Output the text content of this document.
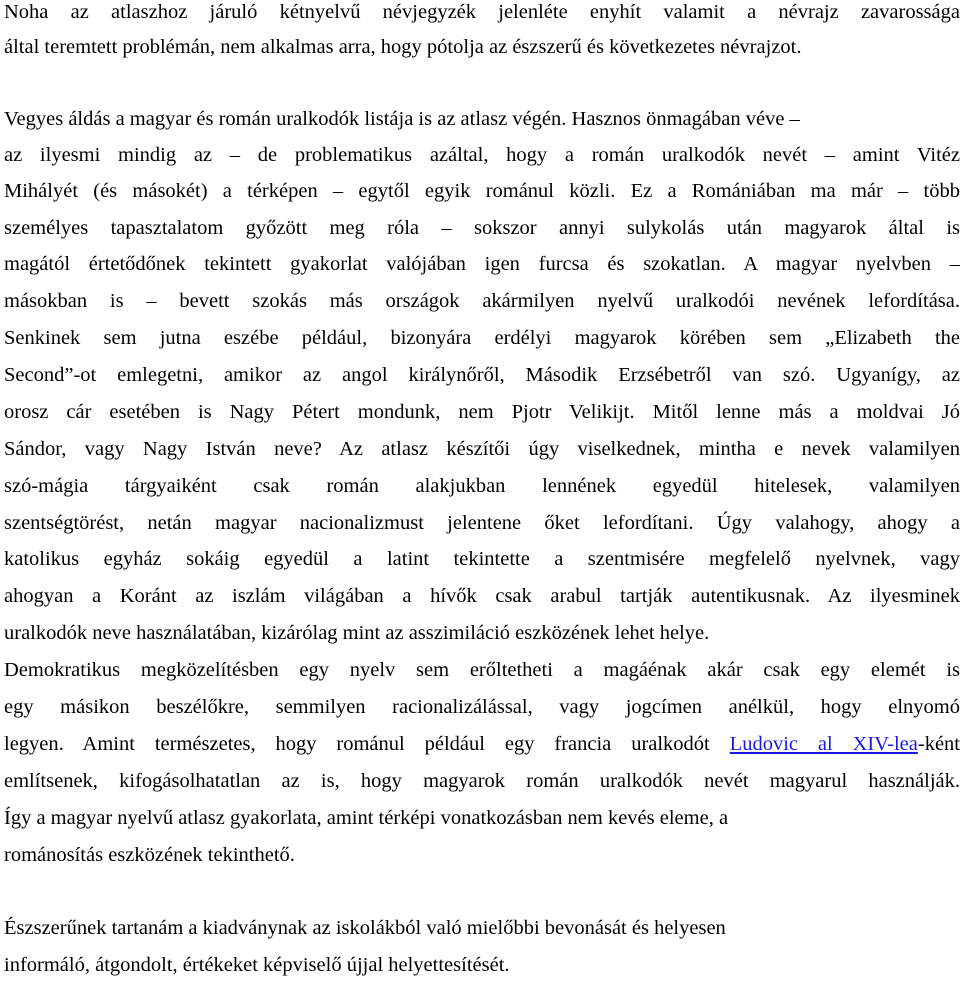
Noha az atlaszhoz járuló kétnyelvű névjegyzék jelenléte enyhít valamit a névrajz zavarossága
által teremtett problémán, nem alkalmas arra, hogy pótolja az észszerű és következetes névrajzot.
Vegyes áldás a magyar és román uralkodók listája is az atlasz végén. Hasznos önmagában véve –
az ilyesmi mindig az – de problematikus azáltal, hogy a román uralkodók nevét – amint Vitéz
Mihályét (és másokét) a térképen – egytől egyik románul közli. Ez a Romániában ma már – több
személyes tapasztalatom győzött meg róla – sokszor annyi sulykolás után magyarok által is
magától értetődőnek tekintett gyakorlat valójában igen furcsa és szokatlan. A magyar nyelvben –
másokban is – bevett szokás más országok akármilyen nyelvű uralkodói nevének lefordítása.
Senkinek sem jutna eszébe például, bizonyára erdélyi magyarok körében sem „Elizabeth the
Second”-ot emlegetni, amikor az angol királynőről, Második Erzsébetről van szó. Ugyanígy, az
orosz cár esetében is Nagy Pétert mondunk, nem Pjotr Velikijt. Mitől lenne más a moldvai Jó
Sándor, vagy Nagy István neve? Az atlasz készítői úgy viselkednek, mintha e nevek valamilyen
szó-mágia tárgyaiként csak román alakjukban lennének egyedül hitelesek, valamilyen
szentségtörést, netán magyar nacionalizmust jelentene őket lefordítani. Úgy valahogy, ahogy a
katolikus egyház sokáig egyedül a latint tekintette a szentmisére megfelelő nyelvnek, vagy
ahogyan a Koránt az iszlám világában a hívők csak arabul tartják autentikusnak. Az ilyesminek
uralkodók neve használatában, kizárólag mint az asszimiláció eszközének lehet helye.
Demokratikus megközelítésben egy nyelv sem erőltetheti a magáénak akár csak egy elemét is
egy másikon beszélőkre, semmilyen racionalizálással, vagy jogcímen anélkül, hogy elnyomó
legyen. Amint természetes, hogy románul például egy francia uralkodót Ludovic al XIV-lea-ként
említsenek, kifogásolhatatlan az is, hogy magyarok román uralkodók nevét magyarul használják.
Így a magyar nyelvű atlasz gyakorlata, amint térképi vonatkozásban nem kevés eleme, a
románosítás eszközének tekinthető.
Észszerűnek tartanám a kiadványnak az iskolákból való mielőbbi bevonását és helyesen
informáló, átgondolt, értékeket képviselő újjal helyettesítését.
